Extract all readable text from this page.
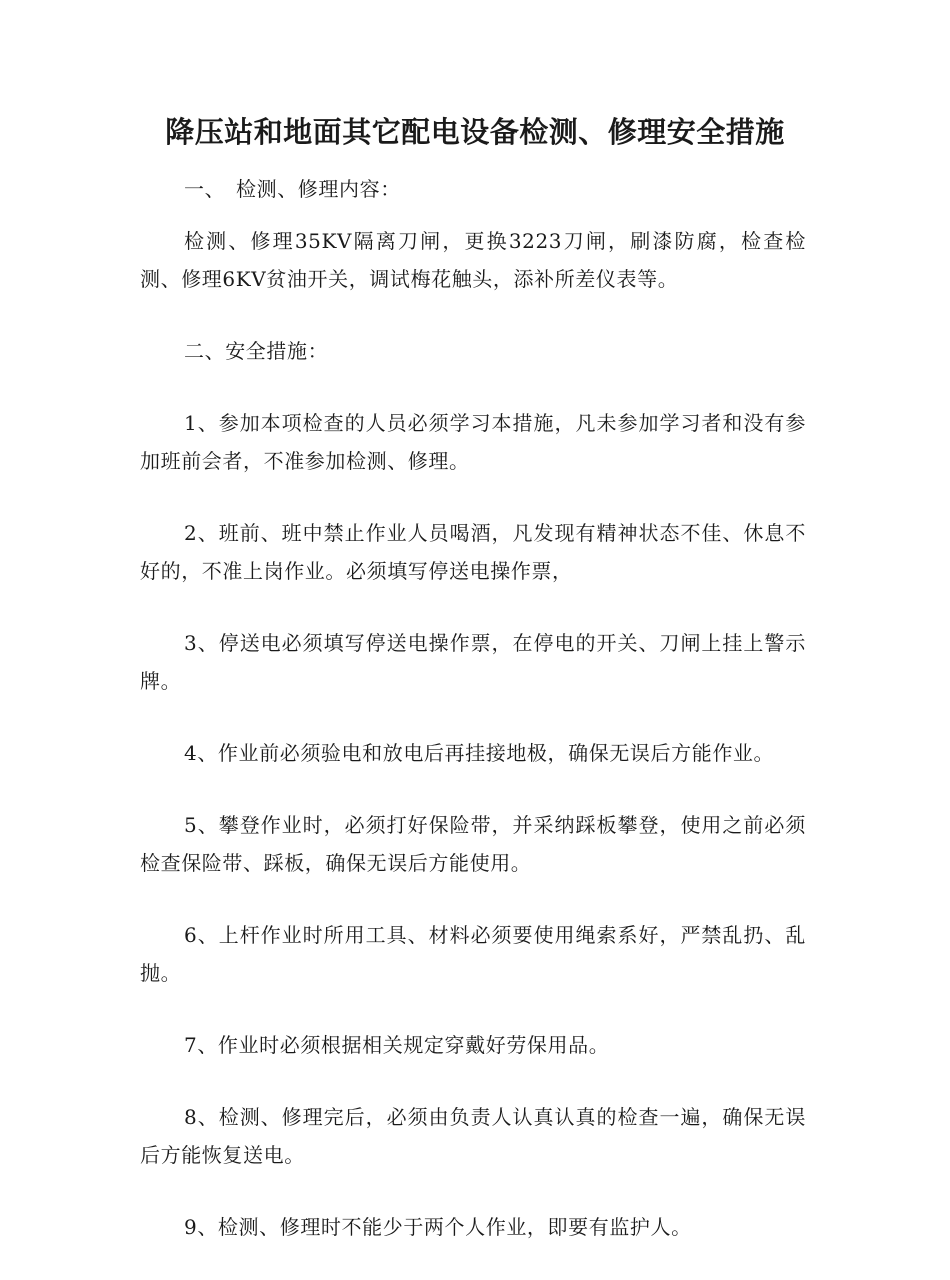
降压站和地面其它配电设备检测、修理安全措施

一、 检测、修理内容：

检测、修理35KV隔离刀闸，更换3223刀闸，刷漆防腐，检查检测、修理6KV贫油开关，调试梅花触头，添补所差仪表等。

二、安全措施：

1、参加本项检查的人员必须学习本措施，凡未参加学习者和没有参加班前会者，不准参加检测、修理。

2、班前、班中禁止作业人员喝酒，凡发现有精神状态不佳、休息不好的，不准上岗作业。必须填写停送电操作票，

3、停送电必须填写停送电操作票，在停电的开关、刀闸上挂上警示牌。

4、作业前必须验电和放电后再挂接地极，确保无误后方能作业。

5、攀登作业时，必须打好保险带，并采纳踩板攀登，使用之前必须检查保险带、踩板，确保无误后方能使用。

6、上杆作业时所用工具、材料必须要使用绳索系好，严禁乱扔、乱抛。

7、作业时必须根据相关规定穿戴好劳保用品。

8、检测、修理完后，必须由负责人认真认真的检查一遍，确保无误后方能恢复送电。

9、检测、修理时不能少于两个人作业，即要有监护人。
